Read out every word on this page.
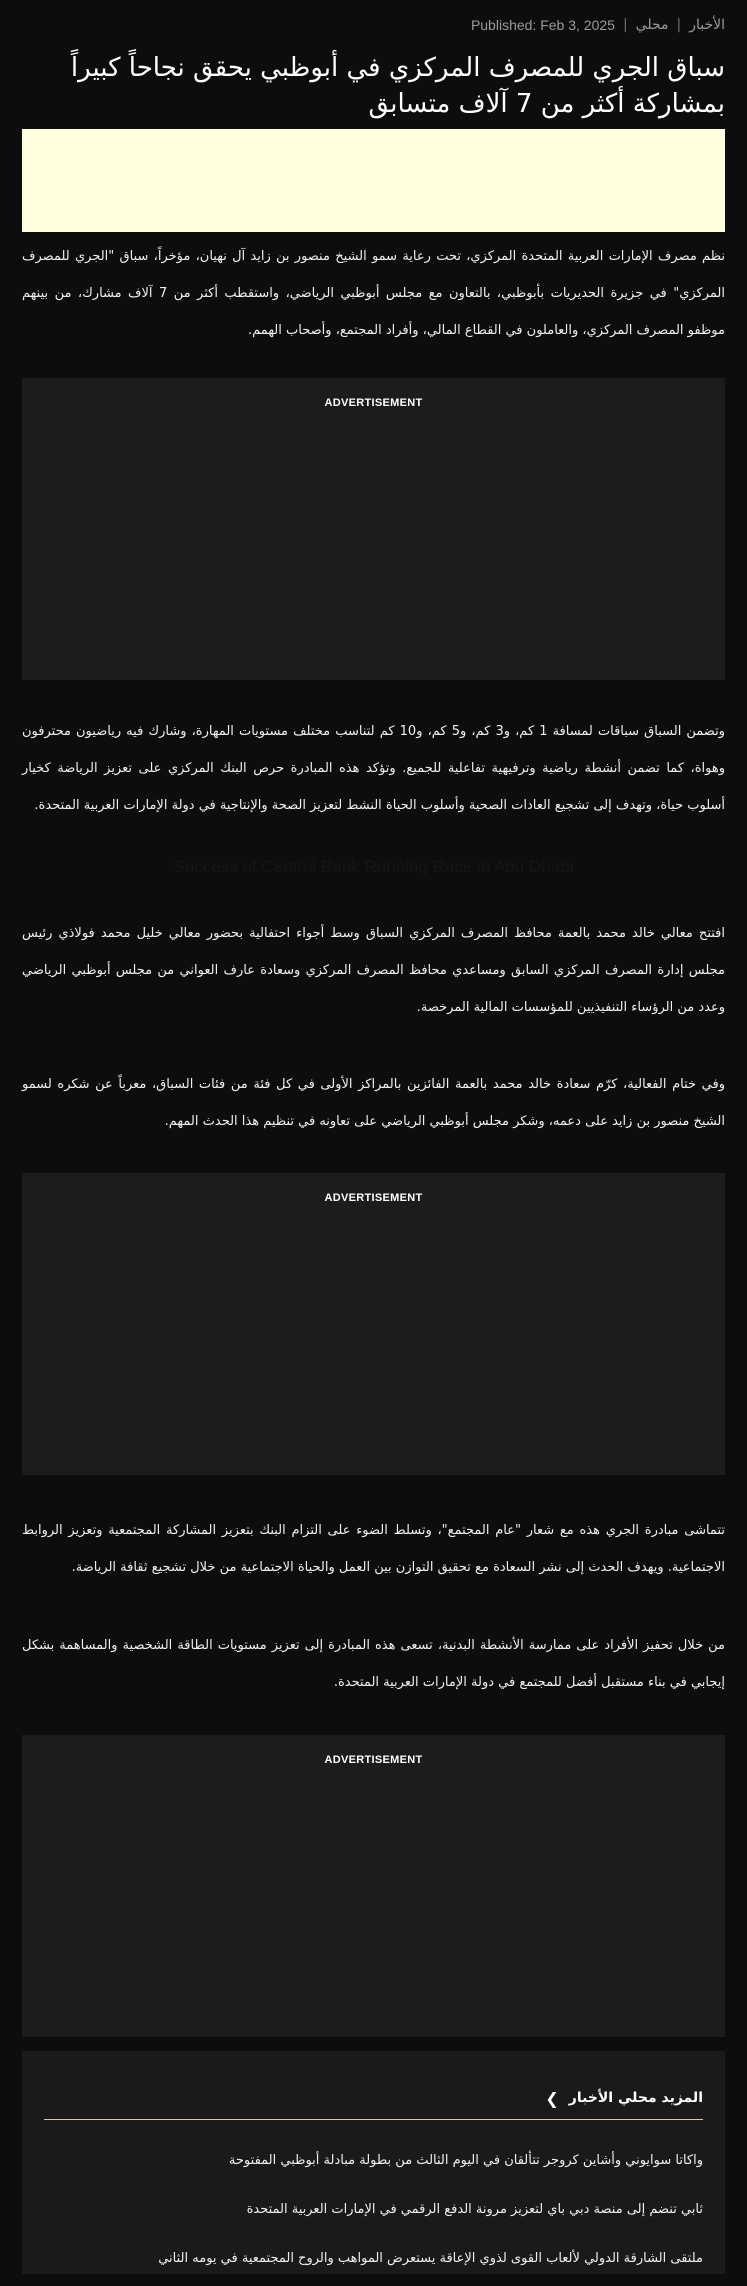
الأخبار
|
محلي
|
Published: Feb 3, 2025
سباق الجري للمصرف المركزي في أبوظبي يحقق نجاحاً كبيراً بمشاركة أكثر من 7 آلاف متسابق

نظم مصرف الإمارات العربية المتحدة المركزي، تحت رعاية سمو الشيخ منصور بن زايد آل نهيان، مؤخراً، سباق "الجري للمصرف المركزي" في جزيرة الحديريات بأبوظبي، بالتعاون مع مجلس أبوظبي الرياضي، واستقطب أكثر من 7 آلاف مشارك، من بينهم موظفو المصرف المركزي، والعاملون في القطاع المالي، وأفراد المجتمع، وأصحاب الهمم.

ADVERTISEMENT

وتضمن السباق سباقات لمسافة 1 كم، و3 كم، و5 كم، و10 كم لتناسب مختلف مستويات المهارة، وشارك فيه رياضيون محترفون وهواة، كما تضمن أنشطة رياضية وترفيهية تفاعلية للجميع. وتؤكد هذه المبادرة حرص البنك المركزي على تعزيز الرياضة كخيار أسلوب حياة، وتهدف إلى تشجيع العادات الصحية وأسلوب الحياة النشط لتعزيز الصحة والإنتاجية في دولة الإمارات العربية المتحدة.

Success of Central Bank Running Race in Abu Dhabi

افتتح معالي خالد محمد بالعمة محافظ المصرف المركزي السباق وسط أجواء احتفالية بحضور معالي خليل محمد فولاذي رئيس مجلس إدارة المصرف المركزي السابق ومساعدي محافظ المصرف المركزي وسعادة عارف العواني من مجلس أبوظبي الرياضي وعدد من الرؤساء التنفيذيين للمؤسسات المالية المرخصة.

وفي ختام الفعالية، كرّم سعادة خالد محمد بالعمة الفائزين بالمراكز الأولى في كل فئة من فئات السباق، معرباً عن شكره لسمو الشيخ منصور بن زايد على دعمه، وشكر مجلس أبوظبي الرياضي على تعاونه في تنظيم هذا الحدث المهم.

ADVERTISEMENT

تتماشى مبادرة الجري هذه مع شعار "عام المجتمع"، وتسلط الضوء على التزام البنك بتعزيز المشاركة المجتمعية وتعزيز الروابط الاجتماعية. ويهدف الحدث إلى نشر السعادة مع تحقيق التوازن بين العمل والحياة الاجتماعية من خلال تشجيع ثقافة الرياضة.

من خلال تحفيز الأفراد على ممارسة الأنشطة البدنية، تسعى هذه المبادرة إلى تعزيز مستويات الطاقة الشخصية والمساهمة بشكل إيجابي في بناء مستقبل أفضل للمجتمع في دولة الإمارات العربية المتحدة.

ADVERTISEMENT
المزيد محلي الأخبار
❯
واكاتا سوايوني وأشاين كروجر تتألقان في اليوم الثالث من بطولة مبادلة أبوظبي المفتوحة
ثابي تنضم إلى منصة دبي باي لتعزيز مرونة الدفع الرقمي في الإمارات العربية المتحدة
ملتقى الشارقة الدولي لألعاب القوى لذوي الإعاقة يستعرض المواهب والروح المجتمعية في يومه الثاني
